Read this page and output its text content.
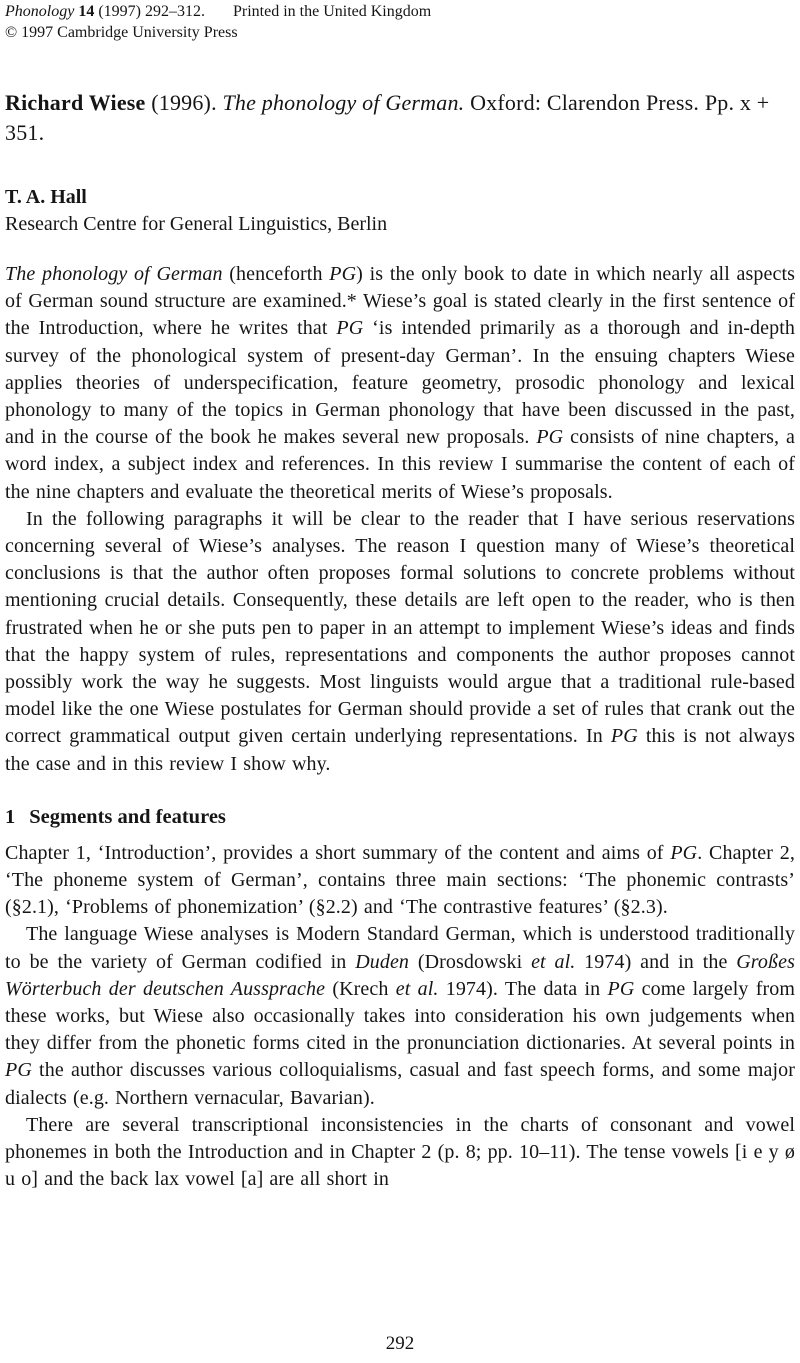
Phonology 14 (1997) 292–312. Printed in the United Kingdom
© 1997 Cambridge University Press
Richard Wiese (1996). The phonology of German. Oxford: Clarendon Press. Pp. x + 351.
T. A. Hall
Research Centre for General Linguistics, Berlin

The phonology of German (henceforth PG) is the only book to date in which nearly all aspects of German sound structure are examined.* Wiese’s goal is stated clearly in the first sentence of the Introduction, where he writes that PG ‘is intended primarily as a thorough and in-depth survey of the phonological system of present-day German’. In the ensuing chapters Wiese applies theories of underspecification, feature geometry, prosodic phonology and lexical phonology to many of the topics in German phonology that have been discussed in the past, and in the course of the book he makes several new proposals. PG consists of nine chapters, a word index, a subject index and references. In this review I summarise the content of each of the nine chapters and evaluate the theoretical merits of Wiese’s proposals.

In the following paragraphs it will be clear to the reader that I have serious reservations concerning several of Wiese’s analyses. The reason I question many of Wiese’s theoretical conclusions is that the author often proposes formal solutions to concrete problems without mentioning crucial details. Consequently, these details are left open to the reader, who is then frustrated when he or she puts pen to paper in an attempt to implement Wiese’s ideas and finds that the happy system of rules, representations and components the author proposes cannot possibly work the way he suggests. Most linguists would argue that a traditional rule-based model like the one Wiese postulates for German should provide a set of rules that crank out the correct grammatical output given certain underlying representations. In PG this is not always the case and in this review I show why.

1 Segments and features

Chapter 1, ‘Introduction’, provides a short summary of the content and aims of PG. Chapter 2, ‘The phoneme system of German’, contains three main sections: ‘The phonemic contrasts’ (§2.1), ‘Problems of phonemization’ (§2.2) and ‘The contrastive features’ (§2.3).

The language Wiese analyses is Modern Standard German, which is understood traditionally to be the variety of German codified in Duden (Drosdowski et al. 1974) and in the Großes Wörterbuch der deutschen Aussprache (Krech et al. 1974). The data in PG come largely from these works, but Wiese also occasionally takes into consideration his own judgements when they differ from the phonetic forms cited in the pronunciation dictionaries. At several points in PG the author discusses various colloquialisms, casual and fast speech forms, and some major dialects (e.g. Northern vernacular, Bavarian).

There are several transcriptional inconsistencies in the charts of consonant and vowel phonemes in both the Introduction and in Chapter 2 (p. 8; pp. 10–11). The tense vowels [i e y ø u o] and the back lax vowel [a] are all short in

292
